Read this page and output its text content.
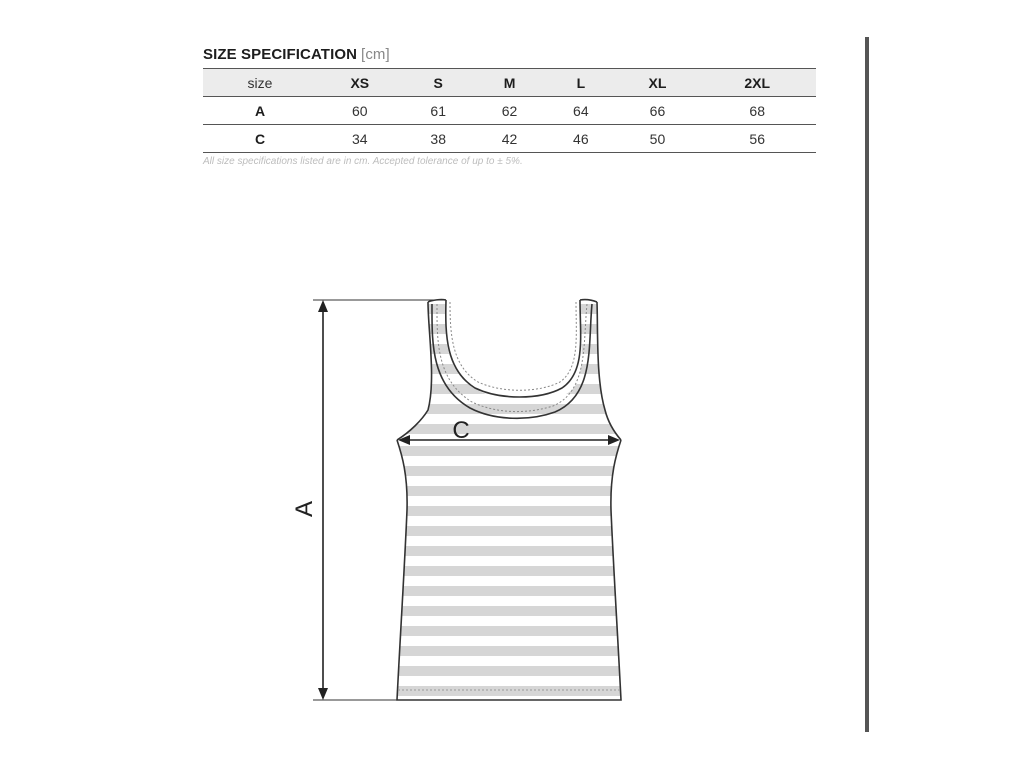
SIZE SPECIFICATION [cm]
size	XS	S	M	L	XL	2XL
A	60	61	62	64	66	68
C	34	38	42	46	50	56
All size specifications listed are in cm. Accepted tolerance of up to ± 5%.
A
C
